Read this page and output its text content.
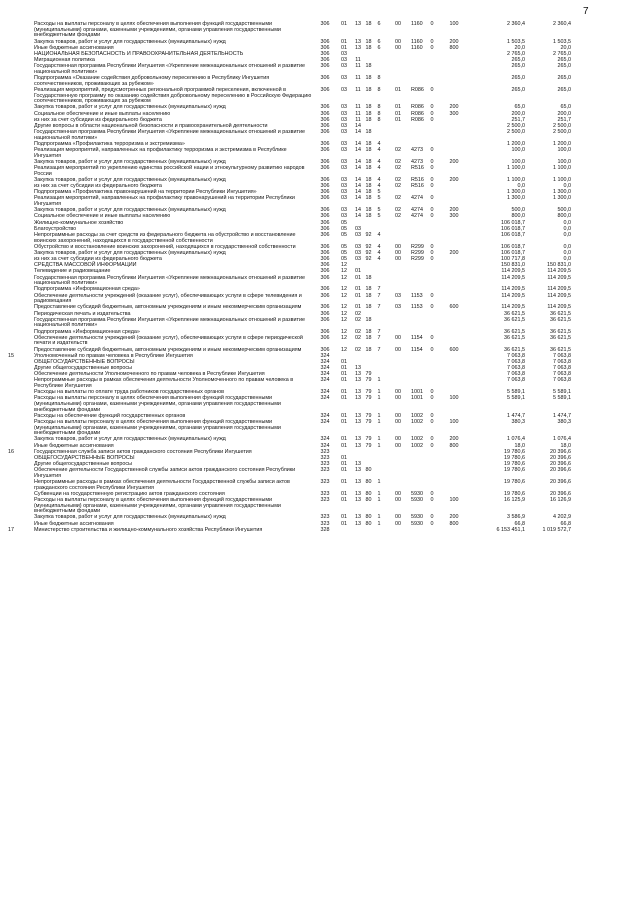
7
Расходы на выплаты персоналу в целях обеспечения выполнения функций государственными (муниципальными) органами, казенными учреждениями, органами управления государственными внебюджетными фондами
306	01	13 18	6	00	1160	0	100	2 360,4	2 360,4
Закупка товаров, работ и услуг для государственных (муниципальных) нужд	306	01	13 18	6	00	1160	0	200	1 503,5	1 503,5
Иные бюджетные ассигнования	306	01	13 18	6	00	1160	0	800	20,0	20,0
НАЦИОНАЛЬНАЯ БЕЗОПАСНОСТЬ И ПРАВООХРАНИТЕЛЬНАЯ ДЕЯТЕЛЬНОСТЬ	306	03	2 765,0	2 765,0
Миграционная политика	306	03	11	265,0	265,0
Государственная программа Республики Ингушетия «Укрепление межнациональных отношений и развитие национальной политики»
306	03	11 18	265,0	265,0
Подпрограмма «Оказание содействия добровольному переселению в Республику Ингушетия соотечественников, проживающих за рубежом»
306	03	11 18	8	265,0	265,0
Реализация мероприятий, предусмотренных региональной программой переселения, включенной в Государственную программу по оказанию содействия добровольному переселению в Российскую Федерацию соотечественников, проживающих за рубежом
306	03	11 18	8	01	R086	0	265,0	265,0
Закупка товаров, работ и услуг для государственных (муниципальных) нужд	306	03	11 18	8	01	R086	0	200	65,0	65,0
Социальное обеспечение и иные выплаты населению	306	03	11 18	8	01	R086	0	300	200,0	200,0
из них за счет субсидии из федерального бюджета	306	03	11 18	8	01	R086	0	251,7	251,7
Другие вопросы в области национальной безопасности и правоохранительной деятельности	306	03	14	2 500,0	2 500,0
Государственная программа Республики Ингушетия «Укрепление межнациональных отношений и развитие национальной политики»
306	03	14 18	2 500,0	2 500,0
Подпрограмма «Профилактика терроризма и экстремизма»	306	03	14 18	4	1 200,0	1 200,0
Реализация мероприятий, направленных на профилактику терроризма и экстремизма в Республике Ингушетия
306	03	14 18	4	02	4273	0	100,0	100,0
Закупка товаров, работ и услуг для государственных (муниципальных) нужд	306	03	14 18	4	02	4273	0	200	100,0	100,0
Реализация мероприятий по укреплению единства российской нации и этнокультурному развитию народов России
306	03	14 18	4	02	R516	0	1 100,0	1 100,0
Закупка товаров, работ и услуг для государственных (муниципальных) нужд	306	03	14 18	4	02	R516	0	200	1 100,0	1 100,0
из них за счет субсидии из федерального бюджета	306	03	14 18	4	02	R516	0	0,0	0,0
Подпрограмма «Профилактика правонарушений на территории Республики Ингушетия»	306	03	14 18	5	1 300,0	1 300,0
Реализация мероприятий, направленных на профилактику правонарушений на территории Республики Ингушетия
306	03	14 18	5	02	4274	0	1 300,0	1 300,0
Закупка товаров, работ и услуг для государственных (муниципальных) нужд	306	03	14 18	5	02	4274	0	200	500,0	500,0
Социальное обеспечение и иные выплаты населению	306	03	14 18	5	02	4274	0	300	800,0	800,0
Жилищно-коммунальное хозяйство	306	05	106 018,7	0,0
Благоустройство	306	05	03	106 018,7	0,0
Непрограммные расходы за счет средств из федерального бюджета на обустройство и восстановление воинских захоронений, находящихся в государственной собственности
306	05	03 92	4	106 018,7	0,0
Обустройство и восстановление воинских захоронений, находящихся в государственной собственности	306	05	03 92	4	00	R299	0	106 018,7	0,0
Закупка товаров, работ и услуг для государственных (муниципальных) нужд	306	05	03 92	4	00	R299	0	200	106 018,7	0,0
из них за счет субсидии из федерального бюджета	306	05	03 92	4	00	R299	0	100 717,8	0,0
СРЕДСТВА МАССОВОЙ ИНФОРМАЦИИ	306	12	150 831,0	150 831,0
Телевидение и радиовещание	306	12	01	114 209,5	114 209,5
Государственная программа Республики Ингушетия «Укрепление межнациональных отношений и развитие национальной политики»
306	12	01 18	114 209,5	114 209,5
Подпрограмма «Информационная среда»	306	12	01 18	7	114 209,5	114 209,5
Обеспечение деятельности учреждений (оказание услуг), обеспечивающих услуги в сфере телевидения и радиовещания
306	12	01 18	7	03	1153	0	114 209,5	114 209,5
Предоставление субсидий бюджетным, автономным учреждениям и иным некоммерческим организациям	306	12	01 18	7	03	1153	0	600	114 209,5	114 209,5
Периодическая печать и издательства	306	12	02	36 621,5	36 621,5
Государственная программа Республики Ингушетия «Укрепление межнациональных отношений и развитие национальной политики»
306	12	02 18	36 621,5	36 621,5
Подпрограмма «Информационная среда»	306	12	02 18	7	36 621,5	36 621,5
Обеспечение деятельности учреждений (оказание услуг), обеспечивающих услуги в сфере периодической печати и издательств
306	12	02 18	7	00	1154	0	36 621,5	36 621,5
Предоставление субсидий бюджетным, автономным учреждениям и иным некоммерческим организациям	306	12	02 18	7	00	1154	0	600	36 621,5	36 621,5
15	Уполномоченный по правам человека в Республике Ингушетия	324	7 063,8	7 063,8
ОБЩЕГОСУДАРСТВЕННЫЕ ВОПРОСЫ	324	01	7 063,8	7 063,8
Другие общегосударственные вопросы	324	01	13	7 063,8	7 063,8
Обеспечение деятельности Уполномоченного по правам человека в Республике Ингушетия	324	01	13 79	7 063,8	7 063,8
Непрограммные расходы в рамках обеспечения деятельности Уполномоченного по правам человека в Республике Ингушетия
324	01	13 79	1	7 063,8	7 063,8
Расходы на выплаты по оплате труда работников государственных органов	324	01	13 79	1	00	1001	0	5 589,1	5 589,1
Расходы на выплаты персоналу в целях обеспечения выполнения функций государственными (муниципальными) органами, казенными учреждениями, органами управления государственными внебюджетными фондами
324	01	13 79	1	00	1001	0	100	5 589,1	5 589,1
Расходы на обеспечение функций государственных органов	324	01	13 79	1	00	1002	0	1 474,7	1 474,7
Расходы на выплаты персоналу в целях обеспечения выполнения функций государственными (муниципальными) органами, казенными учреждениями, органами управления государственными внебюджетными фондами
324	01	13 79	1	00	1002	0	100	380,3	380,3
Закупка товаров, работ и услуг для государственных (муниципальных) нужд	324	01	13 79	1	00	1002	0	200	1 076,4	1 076,4
Иные бюджетные ассигнования	324	01	13 79	1	00	1002	0	800	18,0	18,0
16	Государственная служба записи актов гражданского состояния Республики Ингушетия	323	19 780,6	20 396,6
ОБЩЕГОСУДАРСТВЕННЫЕ ВОПРОСЫ	323	01	19 780,6	20 396,6
Другие общегосударственные вопросы	323	01	13	19 780,6	20 396,6
Обеспечение деятельности Государственной службы записи актов гражданского состояния Республики Ингушетия
323	01	13 80	19 780,6	20 396,6
Непрограммные расходы в рамках обеспечения деятельности Государственной службы записи актов гражданского состояния Республики Ингушетия
323	01	13 80	1	19 780,6	20 396,6
Субвенции на государственную регистрацию актов гражданского состояния	323	01	13 80	1	00	5930	0	19 780,6	20 396,6
Расходы на выплаты персоналу в целях обеспечения выполнения функций государственными (муниципальными) органами, казенными учреждениями, органами управления государственными внебюджетными фондами
323	01	13 80	1	00	5930	0	100	16 125,9	16 126,9
Закупка товаров, работ и услуг для государственных (муниципальных) нужд	323	01	13 80	1	00	5930	0	200	3 586,9	4 202,9
Иные бюджетные ассигнования	323	01	13 80	1	00	5930	0	800	66,8	66,8
17	Министерство строительства и жилищно-коммунального хозяйства Республики Ингушетия	328	6 153 451,1	1 019 572,7
